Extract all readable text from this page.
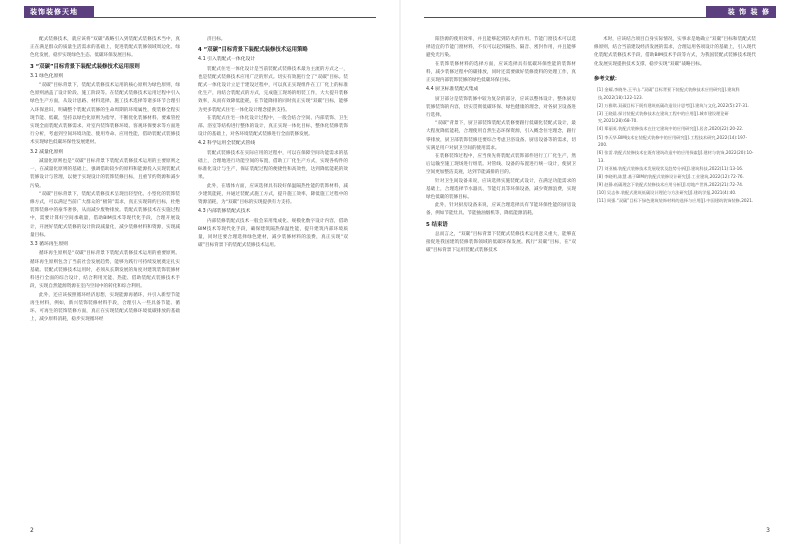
装饰装修天地

配式装修技术，就应该将“双碳”战略引入到装配式装修技术当中，真正在满足群众的质量生活需求的基础上，促进装配式装修领域周边化、绿色化发展，稳步实现绿色生态、低碳环保发展目标。

3 “双碳”目标背景下装配式装修技术运用原则
3.1 绿色化原则

“双碳”目标背景下，装配式装修技术运用的核心原则为绿色原则，绿色原则涵盖了设计阶段、施工阶段等。在装配式装修技术运用过程中引入绿色生产方面，从设计思路、材料选择、施工技术选择等诸多环节合理引入环保意识，明确整个装配式装修的生命周期的环境属性，使装修全程实现节能、低碳，坚持以绿色化原则为指导，不断优化装修材料、要素管控实现全面装配式装修需求。对室内装饰装修环境、客观环保要求等方面进行分析，考虑到空间环境功能、使用寿命、应用性能，借助装配式装修技术实现绿色低碳环保性发展建材。

3.2 减量化原则

减量化原则也是“双碳”目标背景下装配式装修技术运用的主要原则之一，在减量化原则的基础上，强调借助较少的原料和能源投入实现装配式装修设计与管理，以便于实现设计的装饰装修目标，且重节约资源和减少污染。

“双碳”目标背景下，装配式装修技术呈现出轻型化、小型化的装饰装修方式，可以满足当前广大群众的“极简”需求，真正实现简约目标，杜绝装饰装修中的豪华奢侈，从而减少废物排放。装配式装修技术在实施过程中，需要计算好空间承载量，借助BIM技术等现代化手段，合理开展设计，开展好装配式装修的设计阶段减量化，减少装修材料和资源，实现减量目标。

3.3 循环再生原则

循环再生原则是“双碳”目标背景下装配式装修技术运用的重要原则。循环再生原则包含了当前社会发展趋势，能够为践行可持续发展奠定扎实基础。装配式装修技术运用时，必须从长期发展的角度对建筑装饰装修材料进行全面的综合设计，结合利用光能、热能、借助装配式装修技术手段，实现自然能源资源在室内空间中的转化和综合利用。

此外，还应该按照循环经济思想，实现能源再循环，并引入新型节能再生材料，例如，新兴装饰装修材料手段，合理引入一些具备节能、循环、可再生的装饰装修方面，真正在实现装配式装修环境低碳排放的基础上，减少原料消耗，稳步实现循环经

济目标。

4 “双碳”目标背景下装配式装修技术运用策略
4.1 引入装配式一体化设计

装配式住宅一体化设计是当前装配式装修技术最为主流的方式之一，也是装配式装修技术应用广泛的形式。切实有效施行全了“双碳”目标。装配式一体化设计立足于建设过程中，可以真正实现组件在工厂化上的标准化生产，再结合装配式的方式，完成施工现场的组装工作，大大提升装修效率，从而有效降低能耗，在节能降排的同时真正实现“双碳”目标，能够为更多装配式住宅一体化设计理念提供支持。

在装配式住宅一体化设计过程中，一般会结合空间、内部装饰、卫生部、浴室等结构进行整体的设计，真正实现一体化目标，整体化装修装饰设计的基础上，对各环境装配式装修进行全面装修发展。

4.2 科学运用全装配式管线

装配式装修技术在实际应用的过程中，可以在保障空间功能需求的基础上，合理地进行功能空间的布置，借助工厂化生产方式，实现各构件的标准化设计与生产，保证装配过程的便捷性和高效性，达到降低能耗的效果。

此外，在墙体方面，应该选择具有较好保温隔热性能的装饰材料，减少建筑能耗，并通过装配式施工方式，提升施工效率，降低施工过程中的资源消耗，为“双碳”目标的实现提供有力支持。

4.3 内部装修装配式技术

内部装修装配式技术一般会采用集成化、规模化数字设计内容，借助BIM技术等现代化手段，确保建筑隔热保温性能，提升建筑内部环境质量，同时还要合理选择绿色建材，减少装修材料的浪费，真正实现“双碳”目标背景下的装配式装修技术运用。

2
装 饰 装 修

阳热源的使用效率，并且能够起到防火的作用。节能门窗技术可以选择适宜的节能门窗材料，不仅可以起到隔热、隔音、密封作用，并且能够避免光污染。

在装饰装修材料的选择方面，应该选择具有低碳环保性能的装饰材料，减少装修过程中的碳排放，同时还需要做好装修废料的处理工作，真正实现内部装饰装修的绿色低碳环保目标。

4.4 厨卫标准装配式集成

厨卫部分是装饰装修中较为复杂的部分，应该以整体设计、整体厨房装修装饰的内容，切实贯彻低碳环保、绿色健康的理念，对各厨卫设备进行选择。

“双碳”背景下，厨卫部装饰装配式装修要跟行低碳化装配式设计，最大程度降低能耗，合理使用自然生态环保资源，引入概念住宅理念，跟行零排放，厨卫部装饰装修还要综合考虑卫浴设备、厨房设备等的需求，切实满足用户对厨卫空间的使用需求。

在装修装饰过程中，应当预先将装配式装饰部件进行工厂化生产，然后运输至施工现场进行组装。对管线、设备的布置进行统一设计，使厨卫空间更加整洁美观，达到节能减排的目的。

针对卫生间设备来说，应该选择实施装配式设计，在满足功能需求的基础上，合理选择节水器具、节能灯具等环保设备，减少资源浪费，实现绿色低碳的装修目标。

此外，针对厨房设备来说，应该合理选择具有节能环保性能的厨房设备，例如节能灶具、节能抽油烟机等，降低能源消耗。

5 结束语

总而言之，“双碳”目标背景下装配式装修技术运用意义重大，能够直接促进我国建筑装修装饰领域的低碳环保发展。践行“双碳”目标，在“双碳”目标背景下运用装配式装修技术

术时，应该结合项目自身实际情况，实事求是地确立“双碳”目标和装配式装修原则，结合当前建设经济发展的需求，合理运用各项设计的基础上，引入现代化装配式装修技术手段，借助BIM技术手段等方式，为我国装配式装修技术现代化发展实现提供技术支撑，稳步实现“双碳”战略目标。

参考文献：
[1] 金耀,李晓冬,王平山.“双碳”目标背景下装配式装修技术应用研究[J].建筑科技,2022(18):122-123.
[2] 万雅琪.双碳目标下既有建筑低碳改造设计思考[J].建筑与文化,2022(5):27-31.
[3] 王晓晨.探讨装配式装修技术在建筑工程中的应用[J].城市建设理论研究,2021(28):68-70.
[4] 郑丽英.装配式装修技术在住宅建筑中的应用研究[J].居舍,2020(22):20-22.
[5] 李天华.BIM技术在装配式装修中的应用研究[J].工程技术研究,2022(14):197-200.
[6] 张雷.装配式装修技术在既有建筑改造中的应用探索[J].建材与装饰,2022(20):10-13.
[7] 刘亚楠.装配式装修技术发展现状及趋势分析[J].建筑科技,2022(11):13-16.
[8] 李晓明,陈慧.基于BIM的装配式装修设计研究[J].工业建筑,2022(12):72-76.
[9] 赵静.低碳理念下装配式装修技术应用分析[J].房地产世界,2022(21):72-74.
[10] 吴志伟.装配式建筑低碳设计理论与方法研究[J].建筑学报,2021(4):40.
[11] 周强.“双碳”目标下绿色建筑装饰材料的选择与应用[J].中国建筑装饰装修,2021.
3
